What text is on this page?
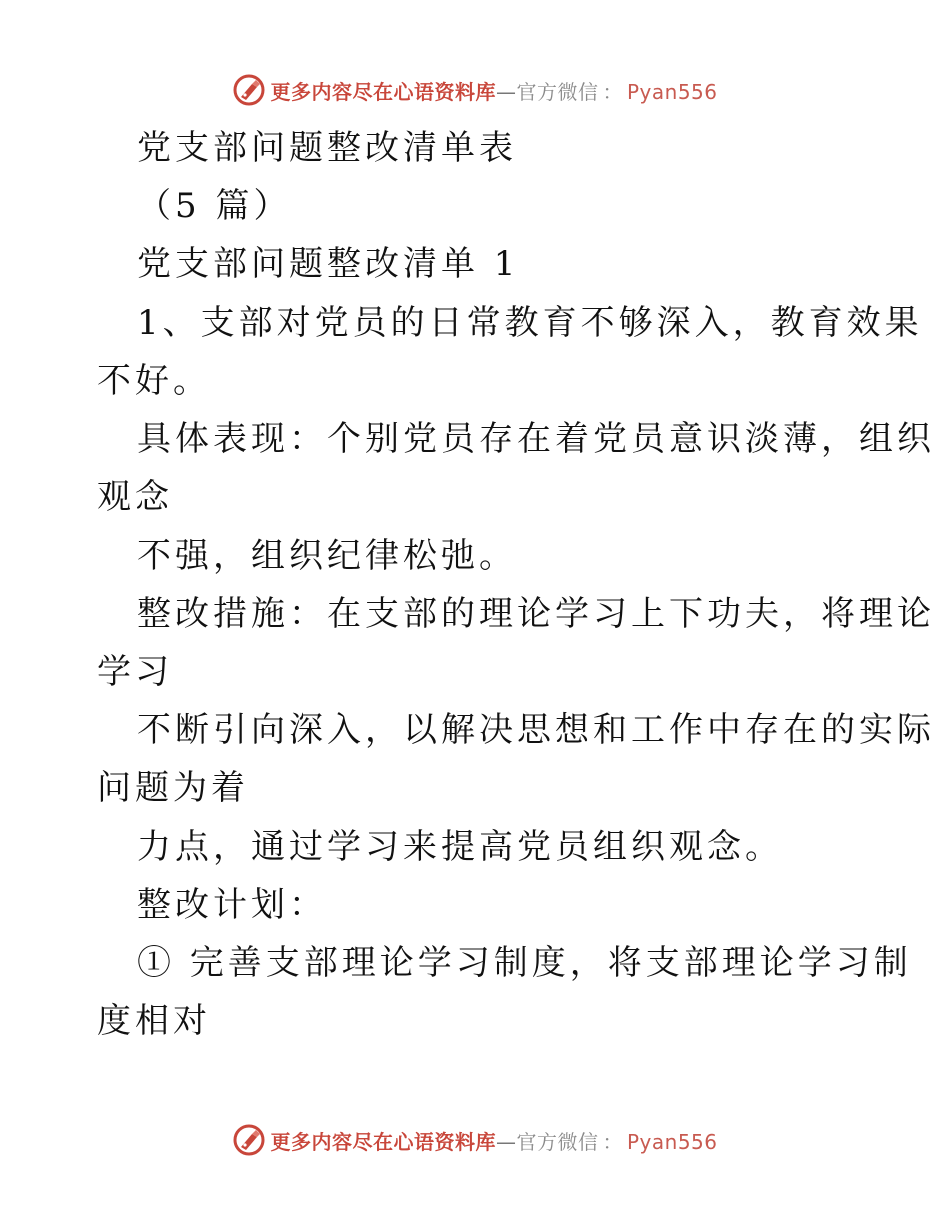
更多内容尽在心语资料库—官方微信 ： Pyan556
党支部问题整改清单表
（5 篇）
党支部问题整改清单 1
1、支部对党员的日常教育不够深入，教育效果
不好。
具体表现：个别党员存在着党员意识淡薄，组织
观念
不强，组织纪律松弛。
整改措施：在支部的理论学习上下功夫，将理论
学习
不断引向深入，以解决思想和工作中存在的实际
问题为着
力点，通过学习来提高党员组织观念。
整改计划：
① 完善支部理论学习制度，将支部理论学习制
度相对
更多内容尽在心语资料库—官方微信 ： Pyan556
